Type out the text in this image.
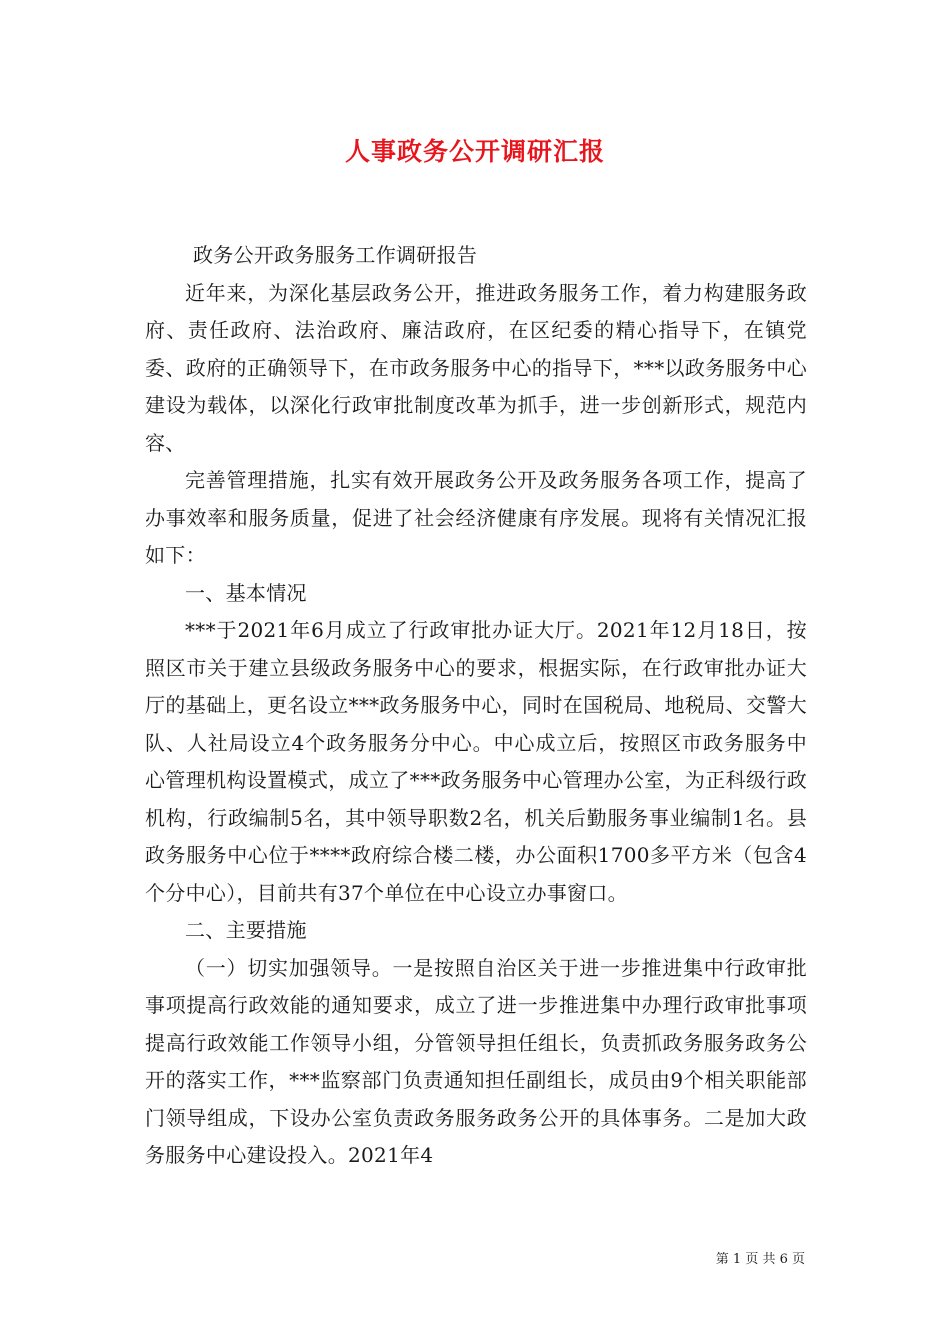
人事政务公开调研汇报

政务公开政务服务工作调研报告

近年来，为深化基层政务公开，推进政务服务工作，着力构建服务政府、责任政府、法治政府、廉洁政府，在区纪委的精心指导下，在镇党委、政府的正确领导下，在市政务服务中心的指导下，***以政务服务中心建设为载体，以深化行政审批制度改革为抓手，进一步创新形式，规范内容、

完善管理措施，扎实有效开展政务公开及政务服务各项工作，提高了办事效率和服务质量，促进了社会经济健康有序发展。现将有关情况汇报如下：

一、基本情况

***于2021年6月成立了行政审批办证大厅。2021年12月18日，按照区市关于建立县级政务服务中心的要求，根据实际，在行政审批办证大厅的基础上，更名设立***政务服务中心，同时在国税局、地税局、交警大队、人社局设立4个政务服务分中心。中心成立后，按照区市政务服务中心管理机构设置模式，成立了***政务服务中心管理办公室，为正科级行政机构，行政编制5名，其中领导职数2名，机关后勤服务事业编制1名。县政务服务中心位于****政府综合楼二楼，办公面积1700多平方米（包含4个分中心），目前共有37个单位在中心设立办事窗口。

二、主要措施

（一）切实加强领导。一是按照自治区关于进一步推进集中行政审批事项提高行政效能的通知要求，成立了进一步推进集中办理行政审批事项提高行政效能工作领导小组，分管领导担任组长，负责抓政务服务政务公开的落实工作，***监察部门负责通知担任副组长，成员由9个相关职能部门领导组成，下设办公室负责政务服务政务公开的具体事务。二是加大政务服务中心建设投入。2021年4

第 1 页 共 6 页
